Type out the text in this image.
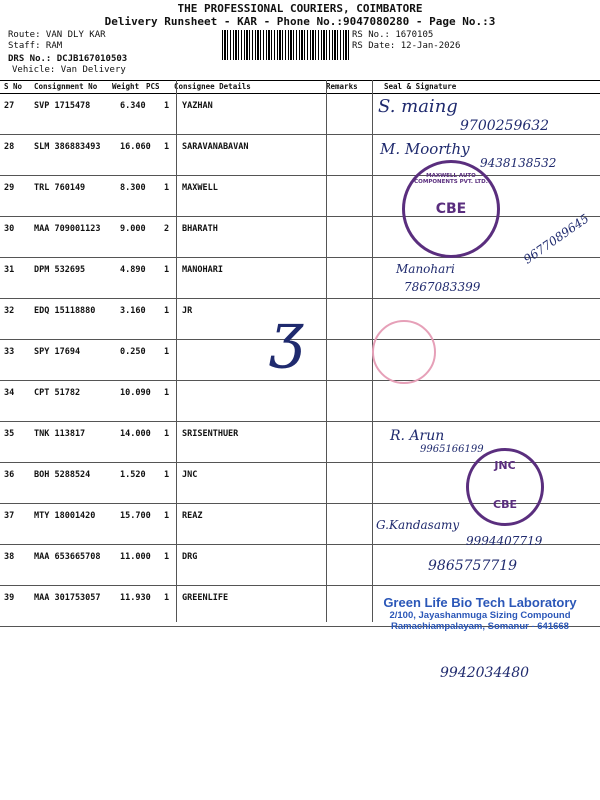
THE PROFESSIONAL COURIERS, COIMBATORE
Delivery Runsheet - KAR - Phone No.:9047080280 - Page No.:3
Route: VAN DLY KAR
Staff: RAM
DRS No.: DCJB167010503
Vehicle: Van Delivery
RS No.: 1670105
RS Date: 12-Jan-2026
S No Consignment No Weight PCS Consignee Details	Remarks	Seal & Signature
27 SVP 1715478	6.340 1 YAZHAN
28 SLM 386883493 16.060 1 SARAVANABAVAN
29 TRL 760149	8.300 1 MAXWELL
30 MAA 709001123 9.000 2 BHARATH
31 DPM 532695	4.890 1 MANOHARI
32 EDQ 15118880	3.160 1 JR
33 SPY 17694	0.250 1
34 CPT 51782	10.090 1
35 TNK 113817	14.000 1 SRISENTHUER
36 BOH 5288524	1.520 1 JNC
37 MTY 18001420	15.700 1 REAZ
38 MAA 653665708 11.000 1 DRG
39 MAA 301753057 11.930 1 GREENLIFE
S. maing
9700259632
M. Moorthy
9438138532
9677089645
Manohari
7867083399
ʒ
R. Arun
9965166199
G.Kandasamy
9994407719
9865757719
9942034480
MAXWELL AUTO COMPONENTS PVT. LTD.
CBE
JNC
CBE
Green Life Bio Tech Laboratory
2/100, Jayashanmuga Sizing Compound
Ramachiampalayam, Somanur - 641668
